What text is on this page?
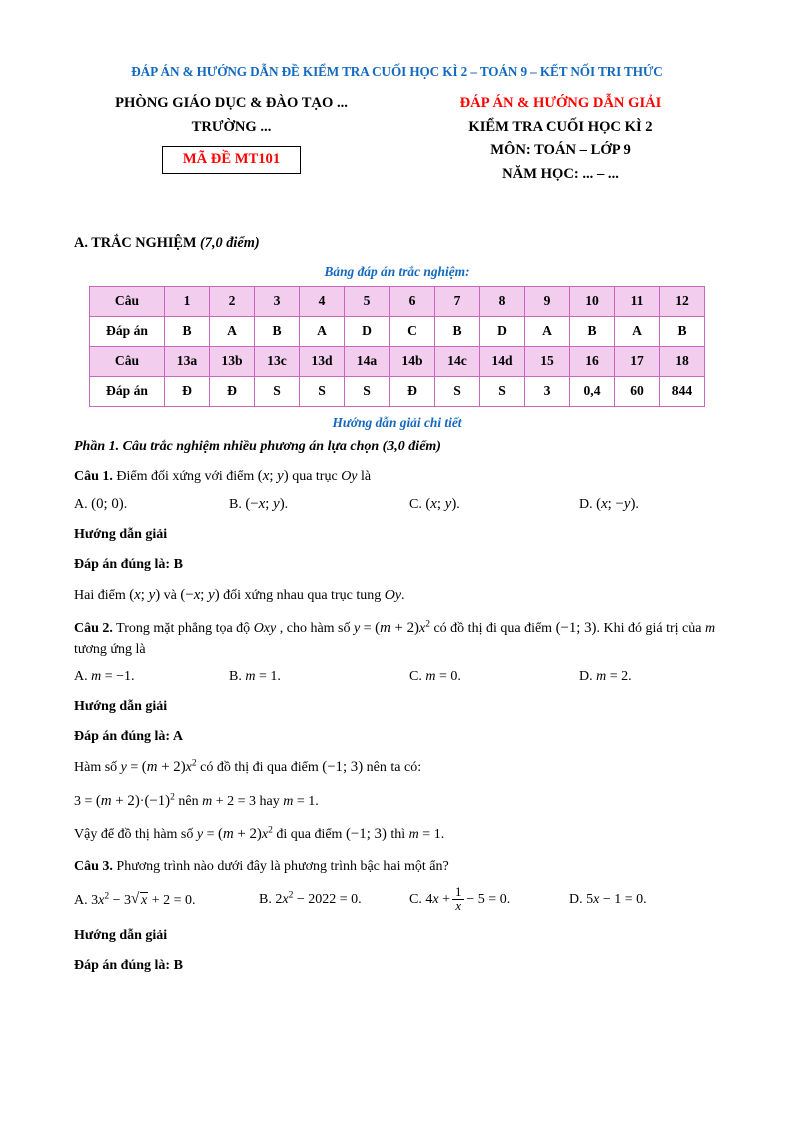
ĐÁP ÁN & HƯỚNG DẪN ĐỀ KIỂM TRA CUỐI HỌC KÌ 2 – TOÁN 9 – KẾT NỐI TRI THỨC
PHÒNG GIÁO DỤC & ĐÀO TẠO ...
TRƯỜNG ...
MÃ ĐỀ MT101
ĐÁP ÁN & HƯỚNG DẪN GIẢI
KIỂM TRA CUỐI HỌC KÌ 2
MÔN: TOÁN – LỚP 9
NĂM HỌC: ... – ...
A. TRẮC NGHIỆM (7,0 điểm)
Bảng đáp án trắc nghiệm:
Câu	1	2	3	4	5	6	7	8	9	10	11	12
Đáp án	B	A	B	A	D	C	B	D	A	B	A	B
Câu	13a	13b	13c	13d	14a	14b	14c	14d	15	16	17	18
Đáp án	Đ	Đ	S	S	S	Đ	S	S	3	0,4	60	844
Hướng dẫn giải chi tiết
Phần 1. Câu trắc nghiệm nhiều phương án lựa chọn (3,0 điểm)
Câu 1. Điểm đối xứng với điểm (x; y) qua trục Oy là
A. (0; 0).	B. (−x; y).	C. (x; y).	D. (x; −y).
Hướng dẫn giải
Đáp án đúng là: B
Hai điểm (x; y) và (−x; y) đối xứng nhau qua trục tung Oy.
Câu 2. Trong mặt phẳng tọa độ Oxy , cho hàm số $y = (m + 2)x^2$ có đồ thị đi qua điểm (−1; 3). Khi đó giá trị của m tương ứng là
A. m = −1.	B. m = 1.	C. m = 0.	D. m = 2.
Hướng dẫn giải
Đáp án đúng là: A
Hàm số $y = (m + 2)x^2$ có đồ thị đi qua điểm (−1; 3) nên ta có:
$3 = (m + 2)\cdot(-1)^2$ nên m + 2 = 3 hay m = 1.
Vậy để đồ thị hàm số $y = (m + 2)x^2$ đi qua điểm (−1; 3) thì m = 1.
Câu 3. Phương trình nào dưới đây là phương trình bậc hai một ẩn?
A. $3x^2 - 3$ √ x + 2 = 0.	B. $2x^2 - 2022 = 0$.	C. $4x + \frac{1}{x} - 5 = 0$.	D. 5x − 1 = 0.
Hướng dẫn giải
Đáp án đúng là: B
